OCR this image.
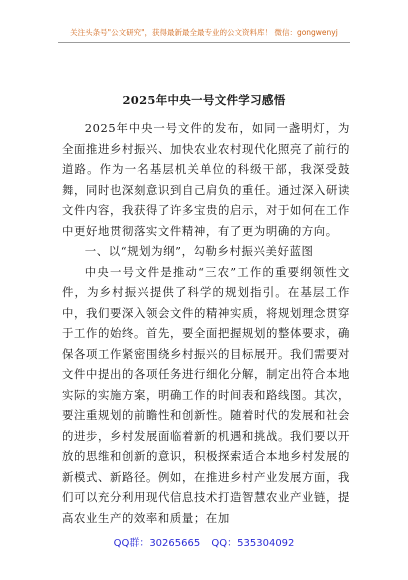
关注头条号"公文研究"，获得最新最全最专业的公文资料库！ 微信：gongwenyj
2025年中央一号文件学习感悟

2025年中央一号文件的发布，如同一盏明灯，为全面推进乡村振兴、加快农业农村现代化照亮了前行的道路。作为一名基层机关单位的科级干部，我深受鼓舞，同时也深刻意识到自己肩负的重任。通过深入研读文件内容，我获得了许多宝贵的启示，对于如何在工作中更好地贯彻落实文件精神，有了更为明确的方向。

一、以“规划为纲”，勾勒乡村振兴美好蓝图

中央一号文件是推动“三农”工作的重要纲领性文件，为乡村振兴提供了科学的规划指引。在基层工作中，我们要深入领会文件的精神实质，将规划理念贯穿于工作的始终。首先，要全面把握规划的整体要求，确保各项工作紧密围绕乡村振兴的目标展开。我们需要对文件中提出的各项任务进行细化分解，制定出符合本地实际的实施方案，明确工作的时间表和路线图。其次，要注重规划的前瞻性和创新性。随着时代的发展和社会的进步，乡村发展面临着新的机遇和挑战。我们要以开放的思维和创新的意识，积极探索适合本地乡村发展的新模式、新路径。例如，在推进乡村产业发展方面，我们可以充分利用现代信息技术打造智慧农业产业链，提高农业生产的效率和质量；在加

QQ群：30265665 QQ：535304092
